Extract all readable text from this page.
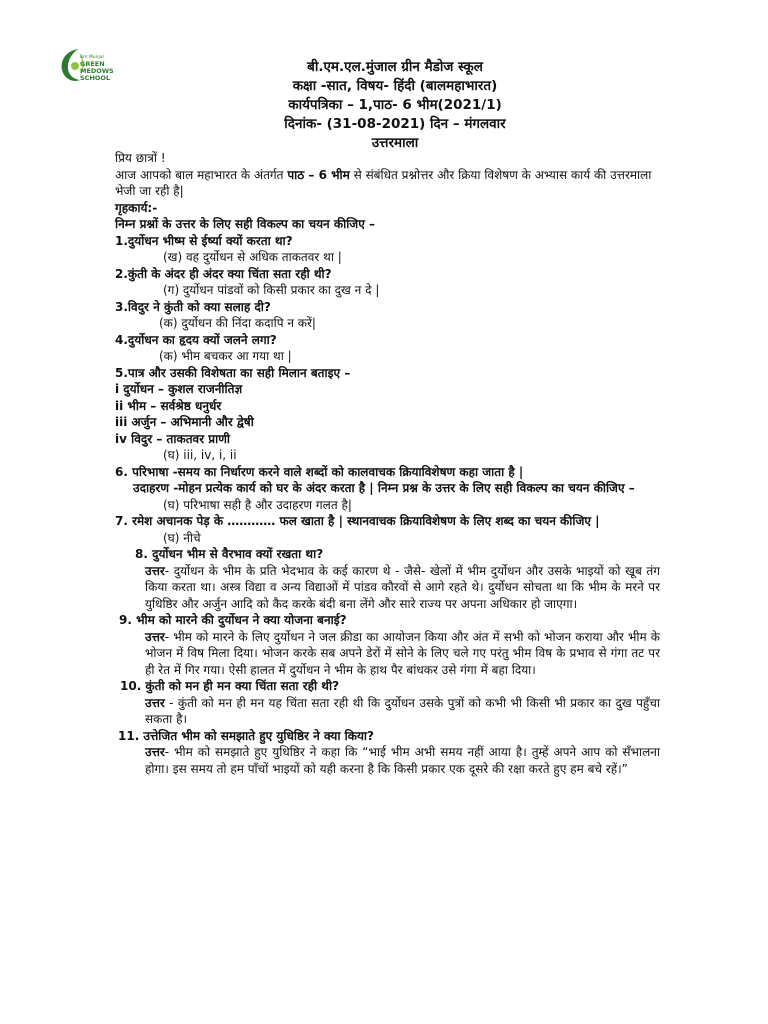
Bm Munjal
GREEN
MEDOWS
SCHOOL
बी.एम.एल.मुंजाल ग्रीन मैडोज स्कूल
कक्षा -सात, विषय- हिंदी (बालमहाभारत)
कार्यपत्रिका – 1,पाठ- 6 भीम(2021/1)
दिनांक- (31-08-2021) दिन – मंगलवार
उत्तरमाला

प्रिय छात्रों !

आज आपको बाल महाभारत के अंतर्गत पाठ – 6 भीम से संबंधित प्रश्नोत्तर और क्रिया विशेषण के अभ्यास कार्य की उत्तरमाला भेजी जा रही है|

गृहकार्य:-

निम्न प्रश्नों के उत्तर के लिए सही विकल्प का चयन कीजिए –

1.दुर्योधन भीष्म से ईर्ष्या क्यों करता था?

(ख) वह दुर्योधन से अधिक ताकतवर था |

2.कुंती के अंदर ही अंदर क्या चिंता सता रही थी?

(ग) दुर्योधन पांडवों को किसी प्रकार का दुख न दे |

3.विदुर ने कुंती को क्या सलाह दी?

(क) दुर्योधन की निंदा कदापि न करें|

4.दुर्योधन का हृदय क्यों जलने लगा?

(क) भीम बचकर आ गया था |

5.पात्र और उसकी विशेषता का सही मिलान बताइए –

i दुर्योधन – कुशल राजनीतिज्ञ

ii भीम – सर्वश्रेष्ठ धनुर्धर

iii अर्जुन – अभिमानी और द्वेषी

iv विदुर – ताकतवर प्राणी

(घ) iii, iv, i, ii

6. परिभाषा -समय का निर्धारण करने वाले शब्दों को कालवाचक क्रियाविशेषण कहा जाता है |

उदाहरण -मोहन प्रत्येक कार्य को घर के अंदर करता है | निम्न प्रश्न के उत्तर के लिए सही विकल्प का चयन कीजिए –

(घ) परिभाषा सही है और उदाहरण गलत है|

7. रमेश अचानक पेड़ के ………… फल खाता है | स्थानवाचक क्रियाविशेषण के लिए शब्द का चयन कीजिए |

(घ) नीचे

8. दुर्योधन भीम से वैरभाव क्यों रखता था?

उत्तर- दुर्योधन के भीम के प्रति भेदभाव के कई कारण थे - जैसे- खेलों में भीम दुर्योधन और उसके भाइयों को खूब तंग किया करता था। अस्त्र विद्या व अन्य विद्याओं में पांडव कौरवों से आगे रहते थे। दुर्योधन सोचता था कि भीम के मरने पर युधिष्ठिर और अर्जुन आदि को कैद करके बंदी बना लेंगे और सारे राज्य पर अपना अधिकार हो जाएगा।

9. भीम को मारने की दुर्योधन ने क्या योजना बनाई?

उत्तर- भीम को मारने के लिए दुर्योधन ने जल क्रीडा का आयोजन किया और अंत में सभी को भोजन कराया और भीम के भोजन में विष मिला दिया। भोजन करके सब अपने डेरों में सोने के लिए चले गए परंतु भीम विष के प्रभाव से गंगा तट पर ही रेत में गिर गया। ऐसी हालत में दुर्योधन ने भीम के हाथ पैर बांधकर उसे गंगा में बहा दिया।

10. कुंती को मन ही मन क्या चिंता सता रही थी?

उत्तर - कुंती को मन ही मन यह चिंता सता रही थी कि दुर्योधन उसके पुत्रों को कभी भी किसी भी प्रकार का दुख पहुँचा सकता है।

11. उत्तेजित भीम को समझाते हुए युधिष्ठिर ने क्या किया?

उत्तर- भीम को समझाते हुए युधिष्ठिर ने कहा कि “भाई भीम अभी समय नहीं आया है। तुम्हें अपने आप को सँभालना होगा। इस समय तो हम पाँचों भाइयों को यही करना है कि किसी प्रकार एक दूसरे की रक्षा करते हुए हम बचे रहें।”
